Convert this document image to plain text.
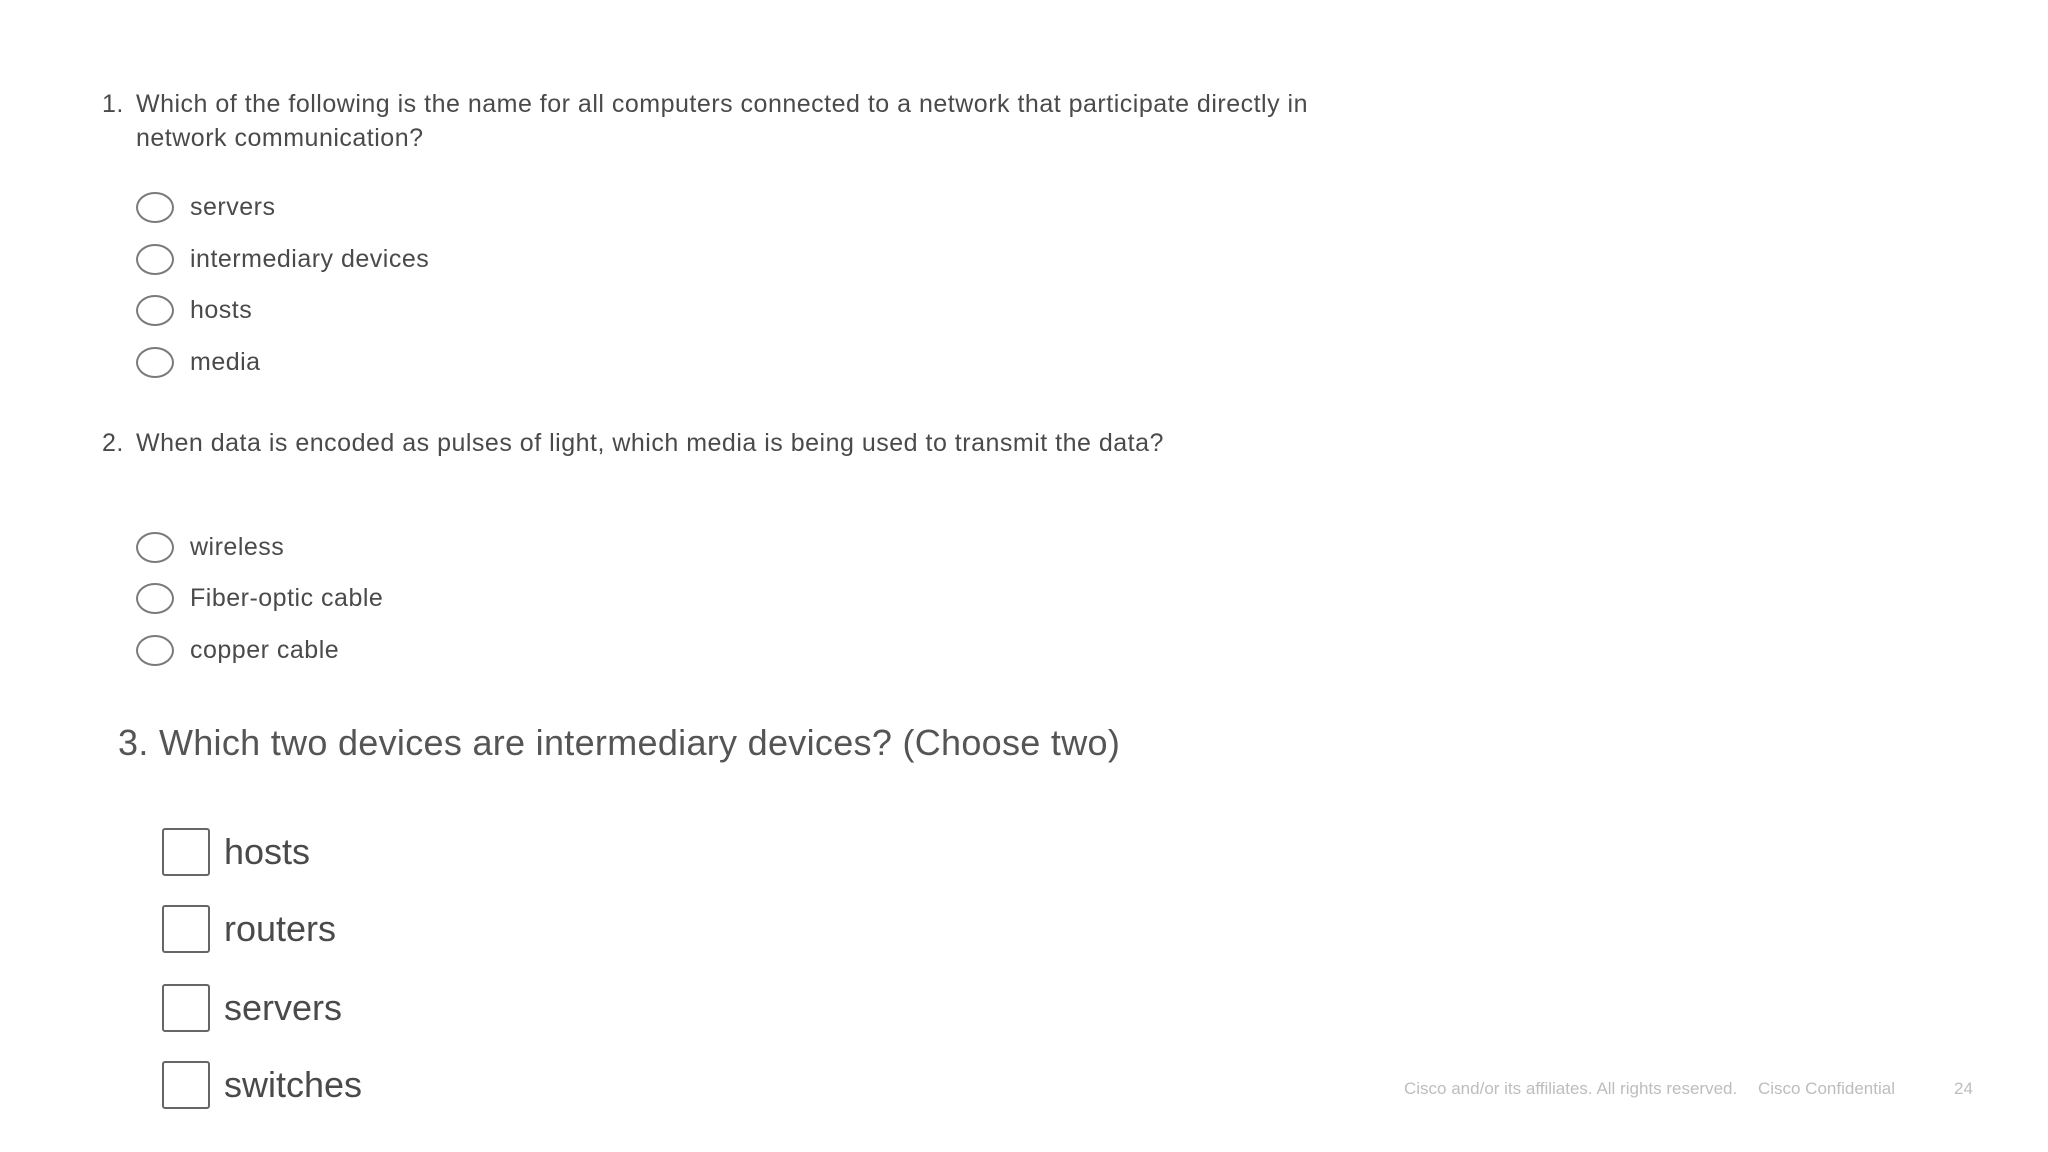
1. Which of the following is the name for all computers connected to a network that participate directly in network communication?
servers
intermediary devices
hosts
media
2. When data is encoded as pulses of light, which media is being used to transmit the data?
wireless
Fiber-optic cable
copper cable
3. Which two devices are intermediary devices? (Choose two)
hosts
routers
servers
switches	Cisco and/or its affiliates. All rights reserved. Cisco Confidential	24
